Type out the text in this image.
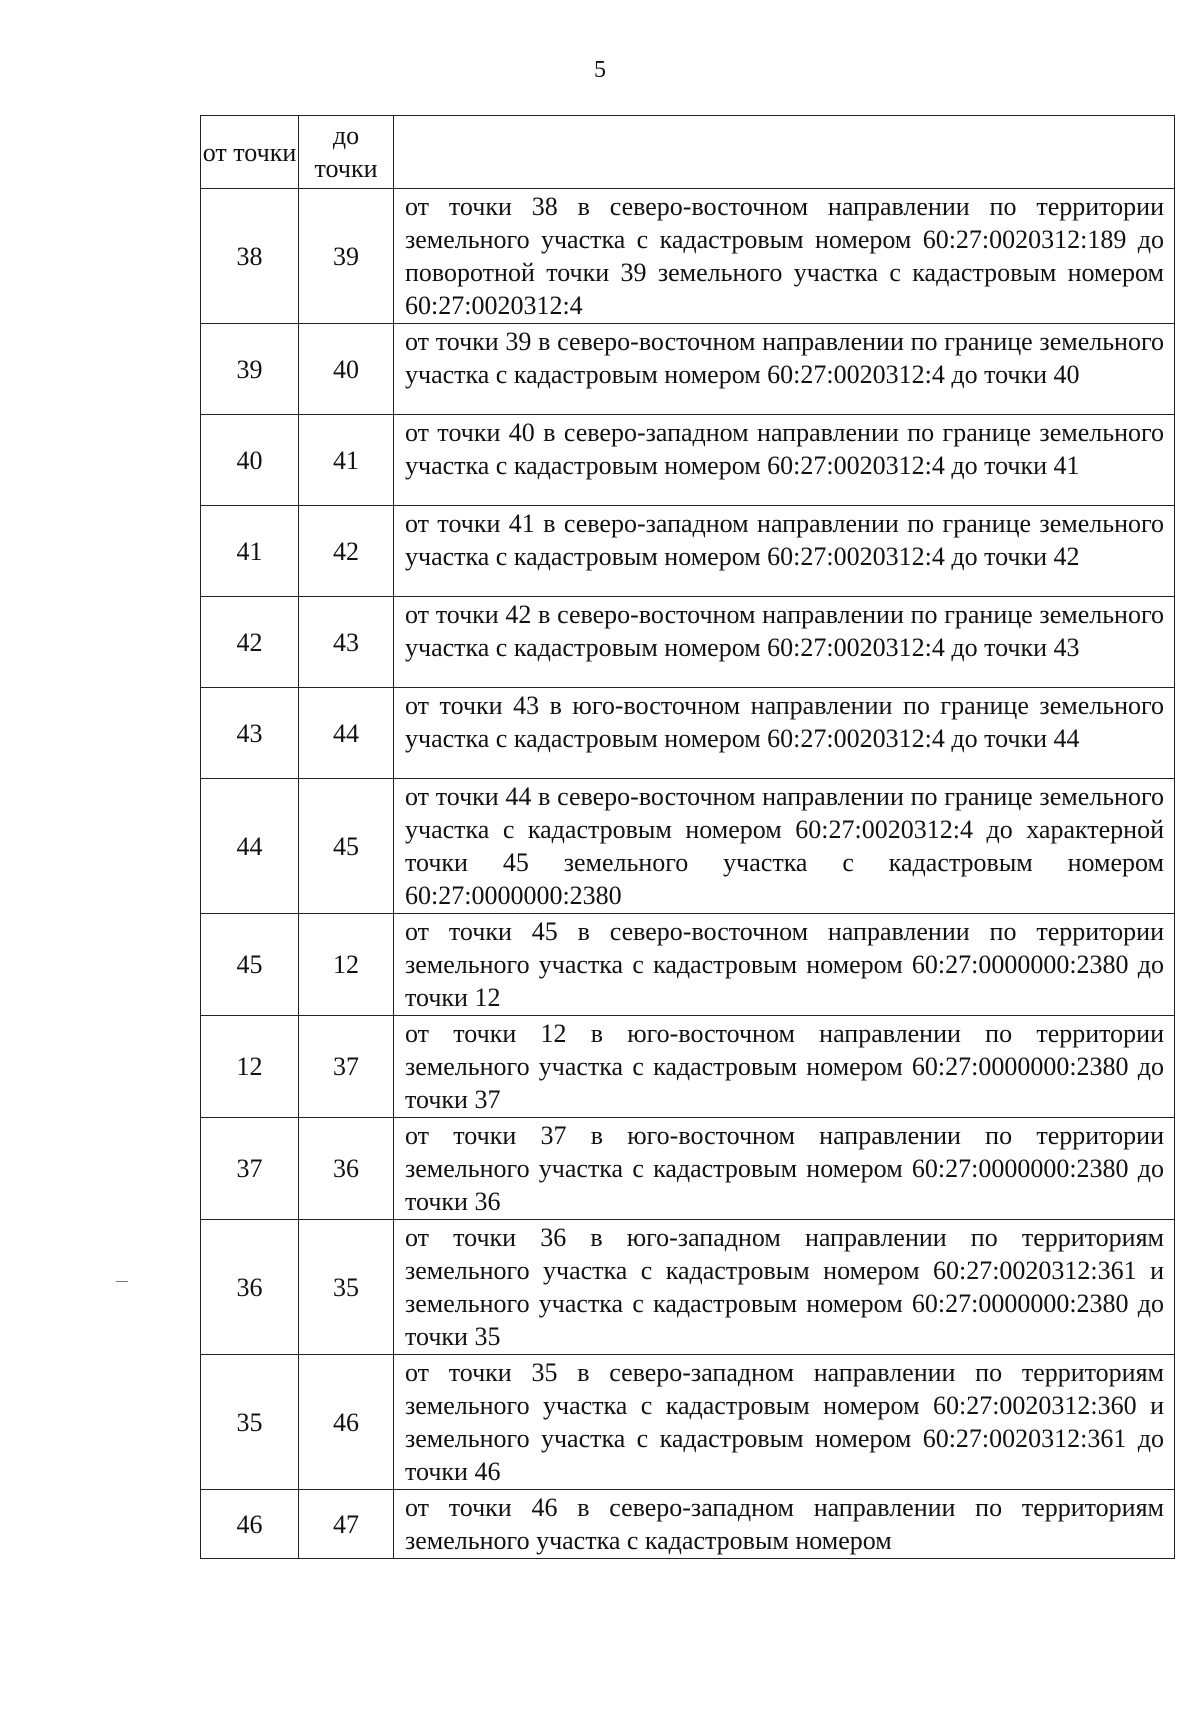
5
от точки	до точки	
38	39	от точки 38 в северо-восточном направлении по территории земельного участка с кадастровым номером 60:27:0020312:189 до поворотной точки 39 земельного участка с кадастровым номером 60:27:0020312:4
39	40	от точки 39 в северо-восточном направлении по границе земельного участка с кадастровым номером 60:27:0020312:4 до точки 40
40	41	от точки 40 в северо-западном направлении по границе земельного участка с кадастровым номером 60:27:0020312:4 до точки 41
41	42	от точки 41 в северо-западном направлении по границе земельного участка с кадастровым номером 60:27:0020312:4 до точки 42
42	43	от точки 42 в северо-восточном направлении по границе земельного участка с кадастровым номером 60:27:0020312:4 до точки 43
43	44	от точки 43 в юго-восточном направлении по границе земельного участка с кадастровым номером 60:27:0020312:4 до точки 44
44	45	от точки 44 в северо-восточном направлении по границе земельного участка с кадастровым номером 60:27:0020312:4 до характерной точки 45 земельного участка с кадастровым номером 60:27:0000000:2380
45	12	от точки 45 в северо-восточном направлении по территории земельного участка с кадастровым номером 60:27:0000000:2380 до точки 12
12	37	от точки 12 в юго-восточном направлении по территории земельного участка с кадастровым номером 60:27:0000000:2380 до точки 37
37	36	от точки 37 в юго-восточном направлении по территории земельного участка с кадастровым номером 60:27:0000000:2380 до точки 36
36	35	от точки 36 в юго-западном направлении по территориям земельного участка с кадастровым номером 60:27:0020312:361 и земельного участка с кадастровым номером 60:27:0000000:2380 до точки 35
35	46	от точки 35 в северо-западном направлении по территориям земельного участка с кадастровым номером 60:27:0020312:360 и земельного участка с кадастровым номером 60:27:0020312:361 до точки 46
46	47	от точки 46 в северо-западном направлении по территориям земельного участка с кадастровым номером
